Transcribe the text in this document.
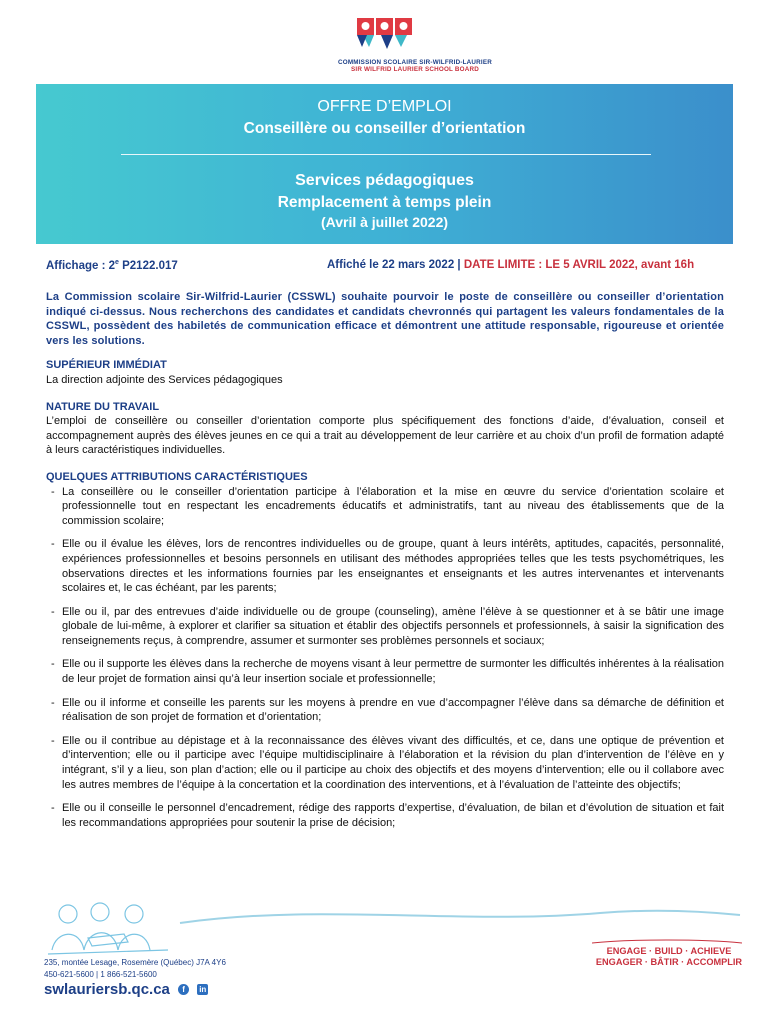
COMMISSION SCOLAIRE SIR-WILFRID-LAURIER
SIR WILFRID LAURIER SCHOOL BOARD
OFFRE D’EMPLOI
Conseillère ou conseiller d’orientation
Services pédagogiques
Remplacement à temps plein
(Avril à juillet 2022)
Affichage : 2e P2122.017	Affiché le 22 mars 2022 | DATE LIMITE : LE 5 AVRIL 2022, avant 16h

La Commission scolaire Sir-Wilfrid-Laurier (CSSWL) souhaite pourvoir le poste de conseillère ou conseiller d’orientation indiqué ci-dessus. Nous recherchons des candidates et candidats chevronnés qui partagent les valeurs fondamentales de la CSSWL, possèdent des habiletés de communication efficace et démontrent une attitude responsable, rigoureuse et orientée vers les solutions.

SUPÉRIEUR IMMÉDIAT

La direction adjointe des Services pédagogiques

NATURE DU TRAVAIL

L’emploi de conseillère ou conseiller d’orientation comporte plus spécifiquement des fonctions d’aide, d’évaluation, conseil et accompagnement auprès des élèves jeunes en ce qui a trait au développement de leur carrière et au choix d’un profil de formation adapté à leurs caractéristiques individuelles.

QUELQUES ATTRIBUTIONS CARACTÉRISTIQUES

- La conseillère ou le conseiller d’orientation participe à l’élaboration et la mise en œuvre du service d’orientation scolaire et professionnelle tout en respectant les encadrements éducatifs et administratifs, tant au niveau des établissements que de la commission scolaire;
- Elle ou il évalue les élèves, lors de rencontres individuelles ou de groupe, quant à leurs intérêts, aptitudes, capacités, personnalité, expériences professionnelles et besoins personnels en utilisant des méthodes appropriées telles que les tests psychométriques, les observations directes et les informations fournies par les enseignantes et enseignants et les autres intervenantes et intervenants scolaires et, le cas échéant, par les parents;
- Elle ou il, par des entrevues d’aide individuelle ou de groupe (counseling), amène l’élève à se questionner et à se bâtir une image globale de lui-même, à explorer et clarifier sa situation et établir des objectifs personnels et professionnels, à saisir la signification des renseignements reçus, à comprendre, assumer et surmonter ses problèmes personnels et sociaux;
- Elle ou il supporte les élèves dans la recherche de moyens visant à leur permettre de surmonter les difficultés inhérentes à la réalisation de leur projet de formation ainsi qu’à leur insertion sociale et professionnelle;
- Elle ou il informe et conseille les parents sur les moyens à prendre en vue d’accompagner l’élève dans sa démarche de définition et réalisation de son projet de formation et d’orientation;
- Elle ou il contribue au dépistage et à la reconnaissance des élèves vivant des difficultés, et ce, dans une optique de prévention et d’intervention; elle ou il participe avec l’équipe multidisciplinaire à l’élaboration et la révision du plan d’intervention de l’élève en y intégrant, s’il y a lieu, son plan d’action; elle ou il participe au choix des objectifs et des moyens d’intervention; elle ou il collabore avec les autres membres de l’équipe à la concertation et la coordination des interventions, et à l’évaluation de l’atteinte des objectifs;
- Elle ou il conseille le personnel d’encadrement, rédige des rapports d’expertise, d’évaluation, de bilan et d’évolution de situation et fait les recommandations appropriées pour soutenir la prise de décision;
235, montée Lesage, Rosemère (Québec) J7A 4Y6
450-621-5600 | 1 866-521-5600
swlauriersb.qc.ca f in
ENGAGE · BUILD · ACHIEVE
ENGAGER · BÂTIR · ACCOMPLIR
